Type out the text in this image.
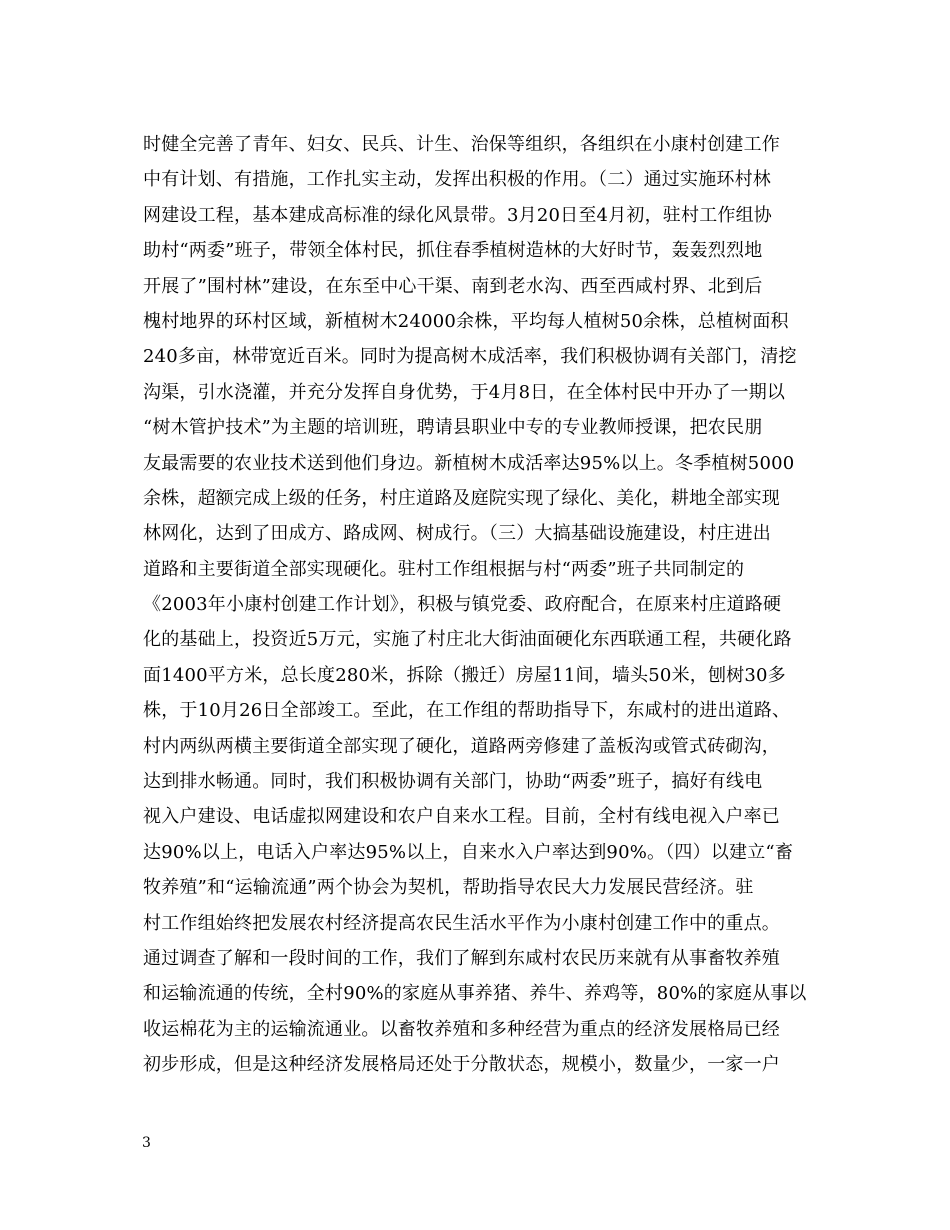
时健全完善了青年、妇女、民兵、计生、治保等组织，各组织在小康村创建工作
中有计划、有措施，工作扎实主动，发挥出积极的作用。（二）通过实施环村林
网建设工程，基本建成高标准的绿化风景带。3月20日至4月初，驻村工作组协
助村“两委”班子，带领全体村民，抓住春季植树造林的大好时节，轰轰烈烈地
开展了”围村林”建设，在东至中心干渠、南到老水沟、西至西咸村界、北到后
槐村地界的环村区域，新植树木24000余株，平均每人植树50余株，总植树面积
240多亩，林带宽近百米。同时为提高树木成活率，我们积极协调有关部门，清挖
沟渠，引水浇灌，并充分发挥自身优势，于4月8日，在全体村民中开办了一期以
“树木管护技术”为主题的培训班，聘请县职业中专的专业教师授课，把农民朋
友最需要的农业技术送到他们身边。新植树木成活率达95%以上。冬季植树5000
余株，超额完成上级的任务，村庄道路及庭院实现了绿化、美化，耕地全部实现
林网化，达到了田成方、路成网、树成行。（三）大搞基础设施建设，村庄进出
道路和主要街道全部实现硬化。驻村工作组根据与村“两委”班子共同制定的
《2003年小康村创建工作计划》，积极与镇党委、政府配合，在原来村庄道路硬
化的基础上，投资近5万元，实施了村庄北大街油面硬化东西联通工程，共硬化路
面1400平方米，总长度280米，拆除（搬迁）房屋11间，墙头50米，刨树30多
株，于10月26日全部竣工。至此，在工作组的帮助指导下，东咸村的进出道路、
村内两纵两横主要街道全部实现了硬化，道路两旁修建了盖板沟或管式砖砌沟，
达到排水畅通。同时，我们积极协调有关部门，协助“两委”班子，搞好有线电
视入户建设、电话虚拟网建设和农户自来水工程。目前，全村有线电视入户率已
达90%以上，电话入户率达95%以上，自来水入户率达到90%。（四）以建立“畜
牧养殖”和“运输流通”两个协会为契机，帮助指导农民大力发展民营经济。驻
村工作组始终把发展农村经济提高农民生活水平作为小康村创建工作中的重点。
通过调查了解和一段时间的工作，我们了解到东咸村农民历来就有从事畜牧养殖
和运输流通的传统，全村90%的家庭从事养猪、养牛、养鸡等，80%的家庭从事以
收运棉花为主的运输流通业。以畜牧养殖和多种经营为重点的经济发展格局已经
初步形成，但是这种经济发展格局还处于分散状态，规模小，数量少，一家一户
3
